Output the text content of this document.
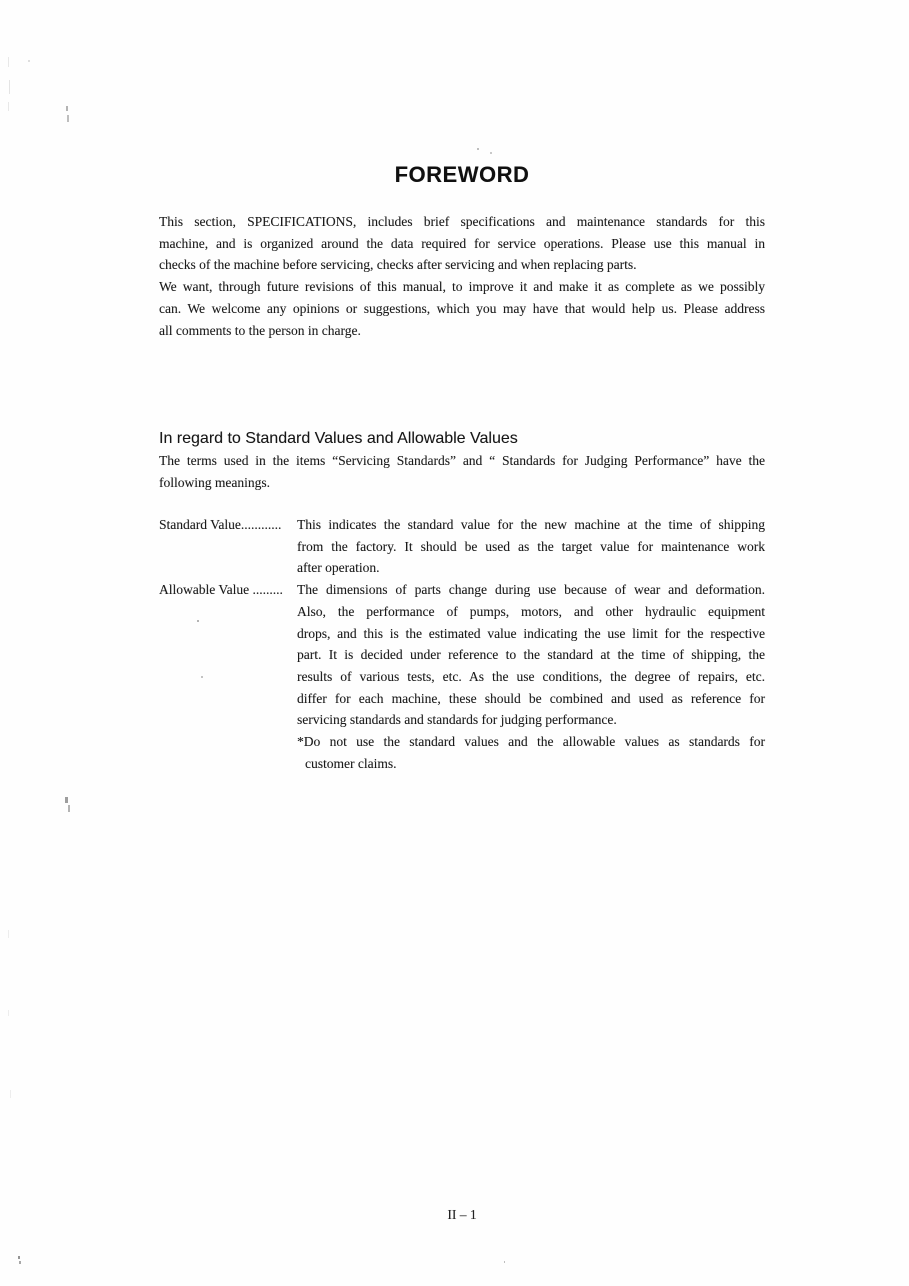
FOREWORD
This section, SPECIFICATIONS, includes brief specifications and maintenance standards for this
machine, and is organized around the data required for service operations. Please use this manual in
checks of the machine before servicing, checks after servicing and when replacing parts.
We want, through future revisions of this manual, to improve it and make it as complete as we possibly
can. We welcome any opinions or suggestions, which you may have that would help us. Please address
all comments to the person in charge.
In regard to Standard Values and Allowable Values
The terms used in the items “Servicing Standards” and “ Standards for Judging Performance” have the
following meanings.
Standard Value............
Allowable Value .........
This indicates the standard value for the new machine at the time of shipping
from the factory. It should be used as the target value for maintenance work
after operation.
The dimensions of parts change during use because of wear and deformation.
Also, the performance of pumps, motors, and other hydraulic equipment
drops, and this is the estimated value indicating the use limit for the respective
part. It is decided under reference to the standard at the time of shipping, the
results of various tests, etc. As the use conditions, the degree of repairs, etc.
differ for each machine, these should be combined and used as reference for
servicing standards and standards for judging performance.
*Do not use the standard values and the allowable values as standards for
customer claims.
II – 1
